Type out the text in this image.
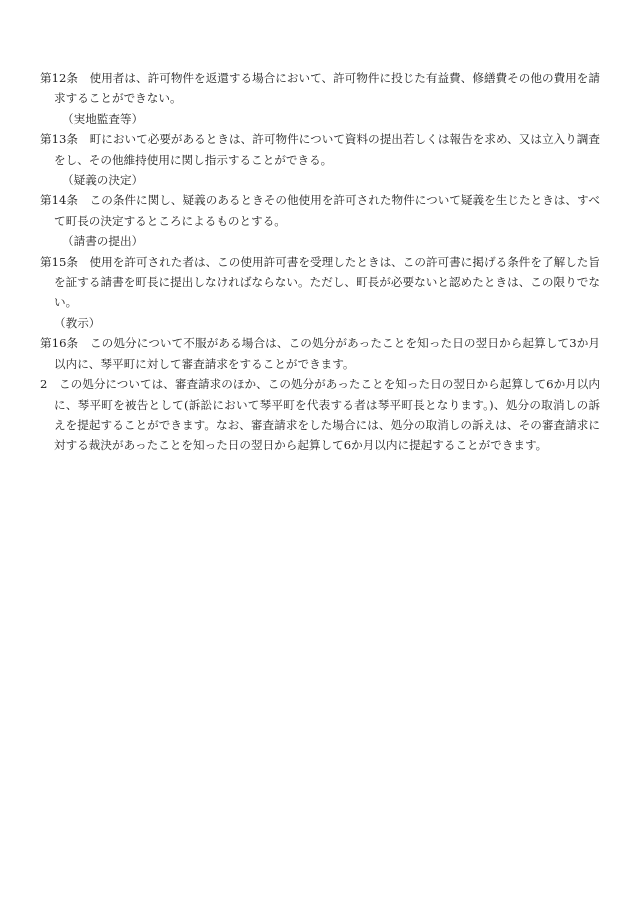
第12条　使用者は、許可物件を返還する場合において、許可物件に投じた有益費、修繕費その他の費用を請求することができない。

（実地監査等）

第13条　町において必要があるときは、許可物件について資料の提出若しくは報告を求め、又は立入り調査をし、その他維持使用に関し指示することができる。

（疑義の決定）

第14条　この条件に関し、疑義のあるときその他使用を許可された物件について疑義を生じたときは、すべて町長の決定するところによるものとする。

（請書の提出）

第15条　使用を許可された者は、この使用許可書を受理したときは、この許可書に掲げる条件を了解した旨を証する請書を町長に提出しなければならない。ただし、町長が必要ないと認めたときは、この限りでない。

（教示）

第16条　この処分について不服がある場合は、この処分があったことを知った日の翌日から起算して3か月以内に、琴平町に対して審査請求をすることができます。

2　この処分については、審査請求のほか、この処分があったことを知った日の翌日から起算して6か月以内に、琴平町を被告として(訴訟において琴平町を代表する者は琴平町長となります。)、処分の取消しの訴えを提起することができます。なお、審査請求をした場合には、処分の取消しの訴えは、その審査請求に対する裁決があったことを知った日の翌日から起算して6か月以内に提起することができます。
